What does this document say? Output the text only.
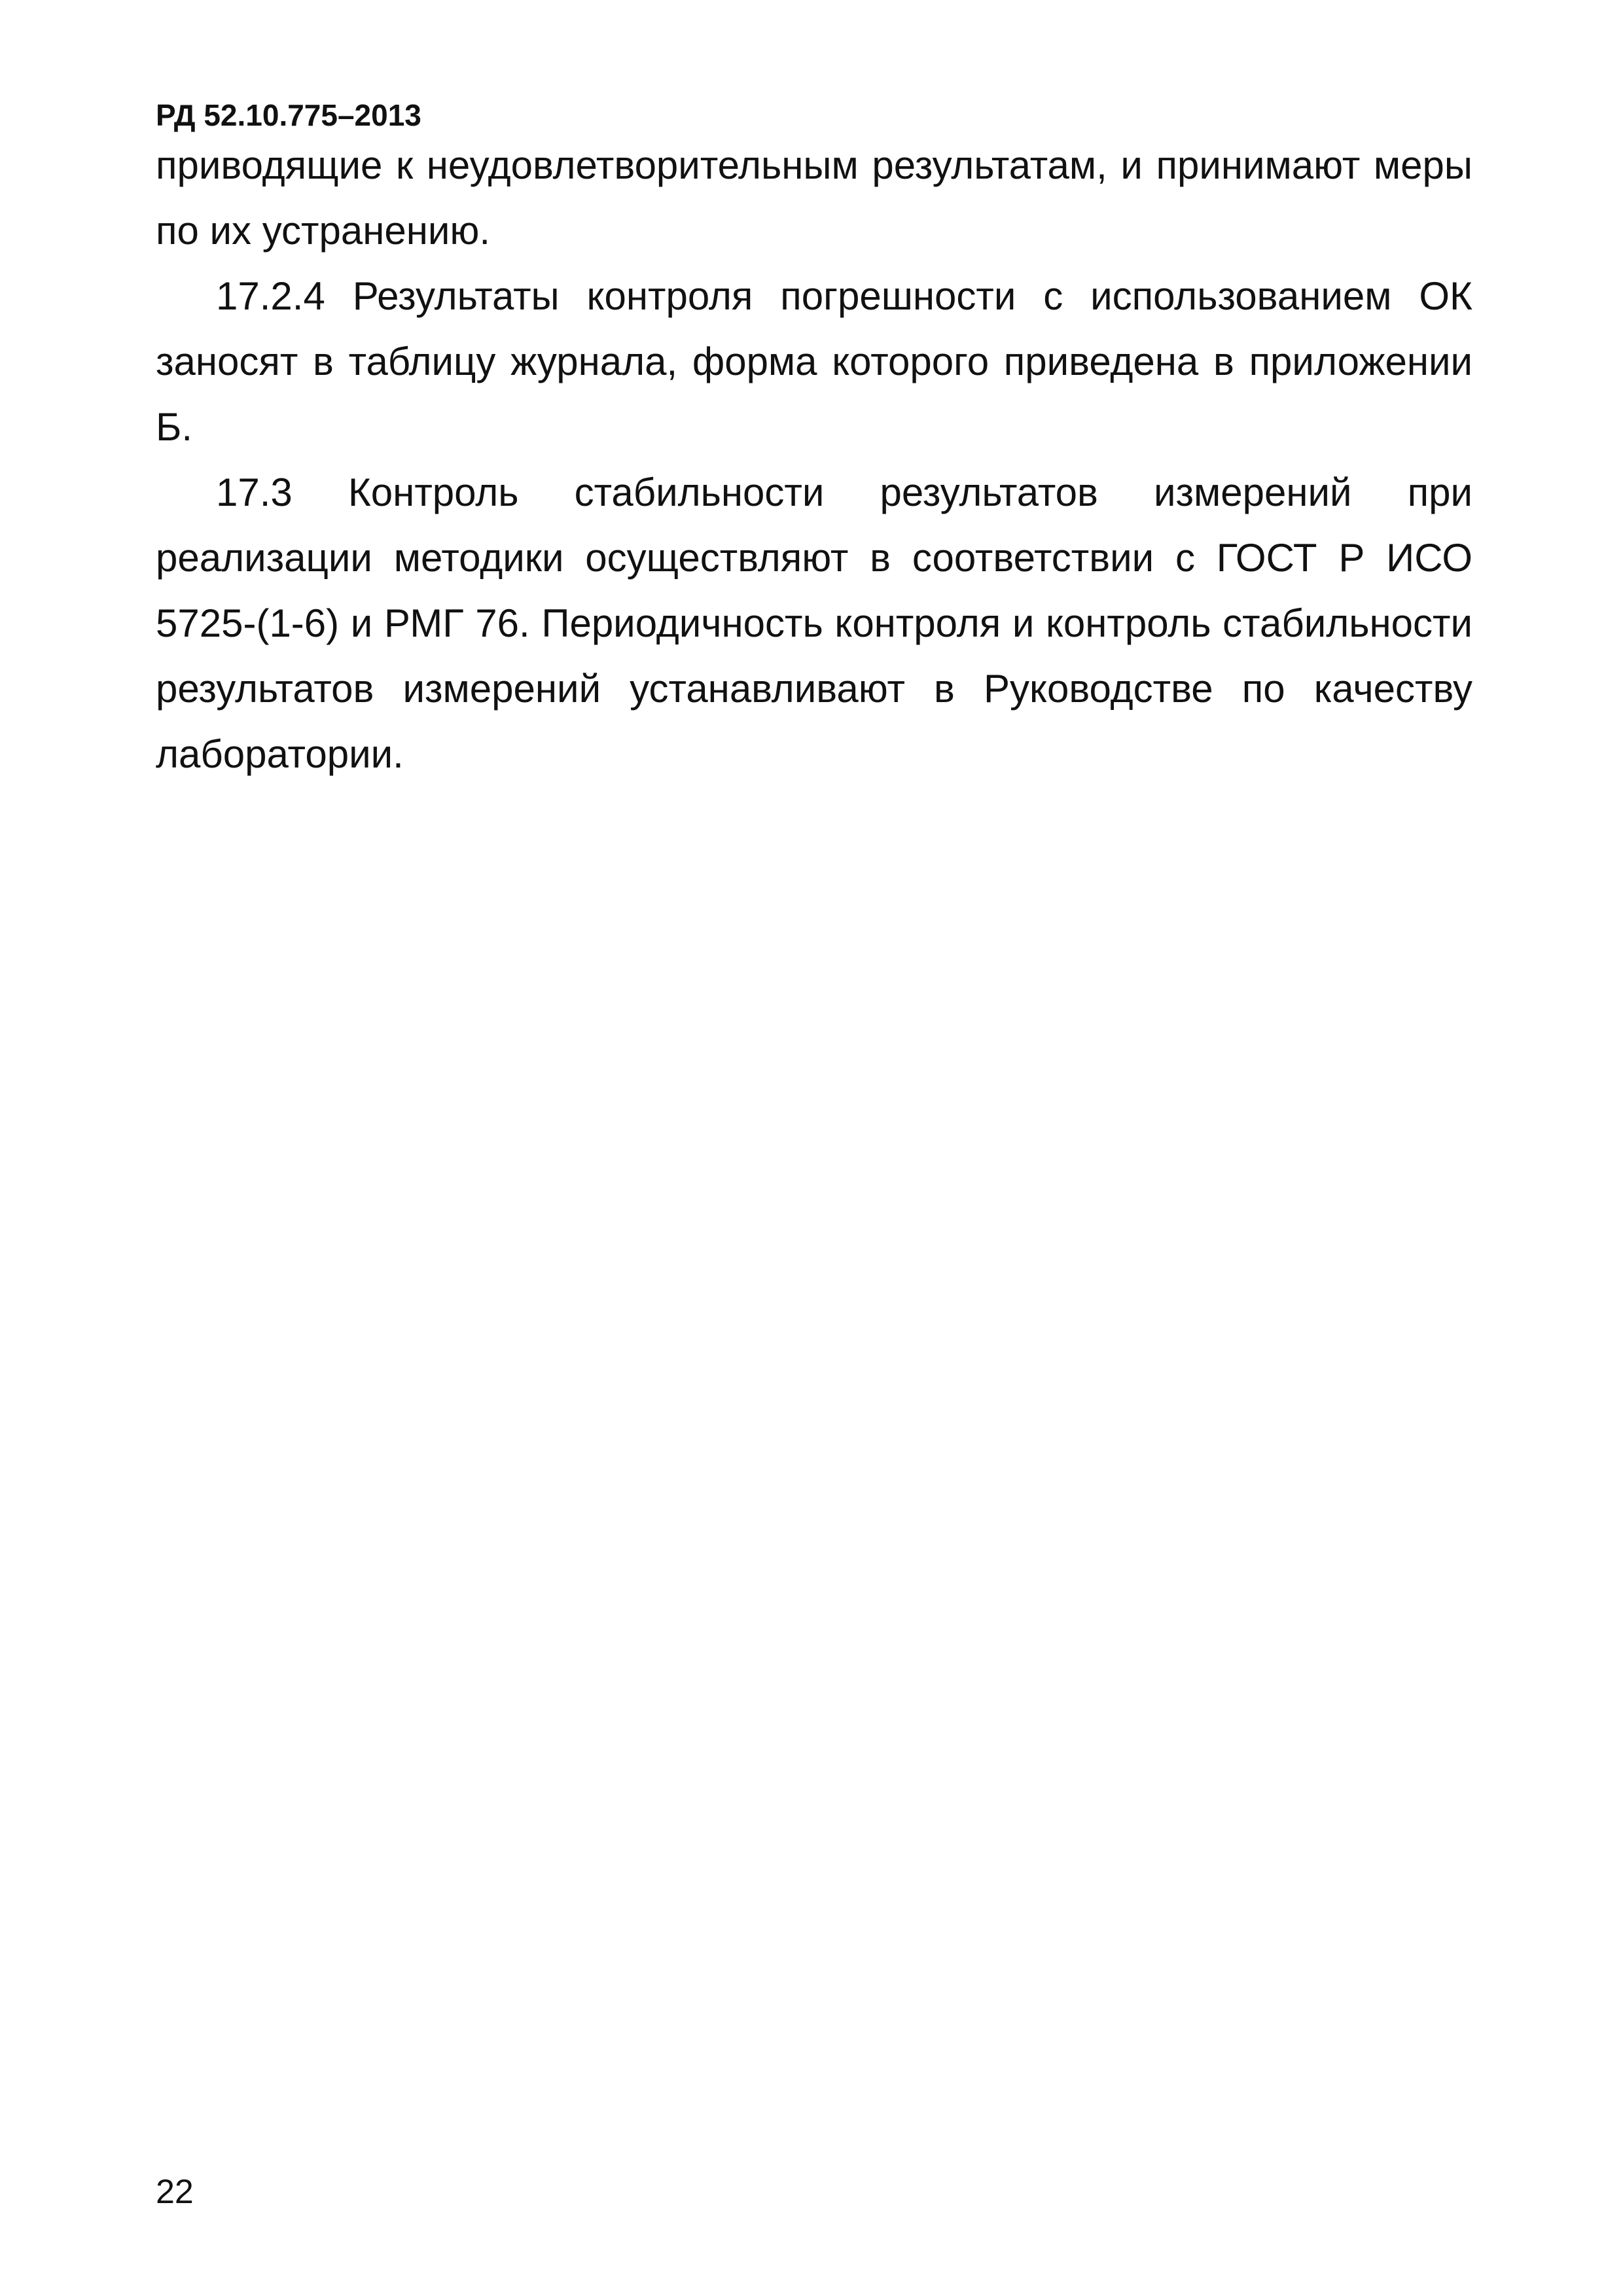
РД 52.10.775–2013

приводящие к неудовлетворительным результатам, и принимают меры по их устранению.

17.2.4 Результаты контроля погрешности с использованием ОК заносят в таблицу журнала, форма которого приведена в приложении Б.

17.3 Контроль стабильности результатов измерений при реализации методики осуществляют в соответствии с ГОСТ Р ИСО 5725-(1-6) и РМГ 76. Периодичность контроля и контроль стабильности результатов измерений устанавливают в Руководстве по качеству лаборатории.

22
